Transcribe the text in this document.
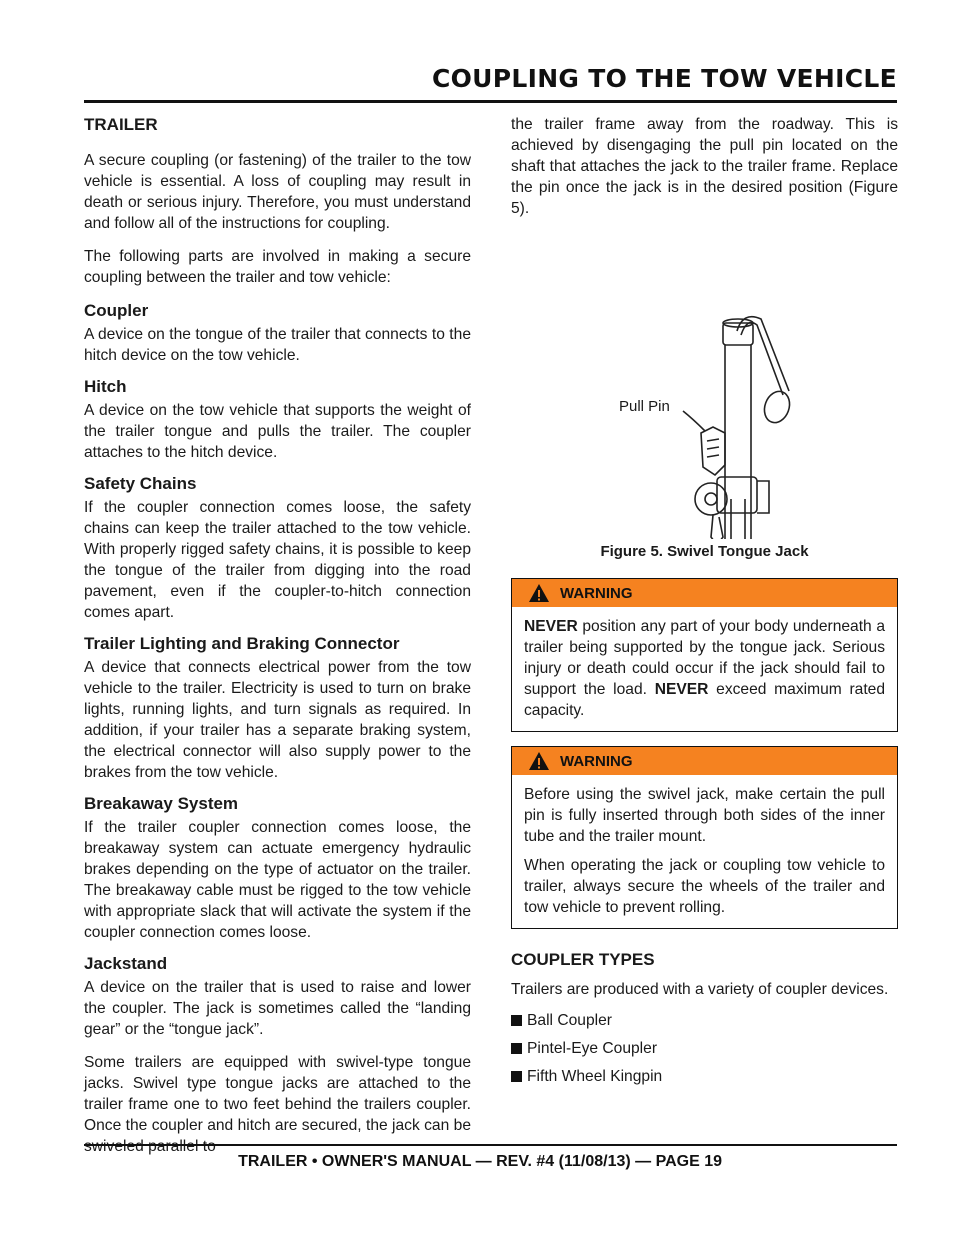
COUPLING TO THE TOW VEHICLE
TRAILER

A secure coupling (or fastening) of the trailer to the tow vehicle is essential. A loss of coupling may result in death or serious injury. Therefore, you must understand and follow all of the instructions for coupling.

The following parts are involved in making a secure coupling between the trailer and tow vehicle:

Coupler

A device on the tongue of the trailer that connects to the hitch device on the tow vehicle.

Hitch

A device on the tow vehicle that supports the weight of the trailer tongue and pulls the trailer. The coupler attaches to the hitch device.

Safety Chains

If the coupler connection comes loose, the safety chains can keep the trailer attached to the tow vehicle. With properly rigged safety chains, it is possible to keep the tongue of the trailer from digging into the road pavement, even if the coupler-to-hitch connection comes apart.

Trailer Lighting and Braking Connector

A device that connects electrical power from the tow vehicle to the trailer. Electricity is used to turn on brake lights, running lights, and turn signals as required. In addition, if your trailer has a separate braking system, the electrical connector will also supply power to the brakes from the tow vehicle.

Breakaway System

If the trailer coupler connection comes loose, the breakaway system can actuate emergency hydraulic brakes depending on the type of actuator on the trailer. The breakaway cable must be rigged to the tow vehicle with appropriate slack that will activate the system if the coupler connection comes loose.

Jackstand

A device on the trailer that is used to raise and lower the coupler. The jack is sometimes called the “landing gear” or the “tongue jack”.

Some trailers are equipped with swivel-type tongue jacks. Swivel type tongue jacks are attached to the trailer frame one to two feet behind the trailers coupler. Once the coupler and hitch are secured, the jack can be swiveled parallel to

the trailer frame away from the roadway. This is achieved by disengaging the pull pin located on the shaft that attaches the jack to the trailer frame. Replace the pin once the jack is in the desired position (Figure 5).

Pull Pin
Figure 5. Swivel Tongue Jack
WARNING

NEVER position any part of your body underneath a trailer being supported by the tongue jack. Serious injury or death could occur if the jack should fail to support the load. NEVER exceed maximum rated capacity.

WARNING

Before using the swivel jack, make certain the pull pin is fully inserted through both sides of the inner tube and the trailer mount.

When operating the jack or coupling tow vehicle to trailer, always secure the wheels of the trailer and tow vehicle to prevent rolling.

COUPLER TYPES

Trailers are produced with a variety of coupler devices.

Ball Coupler
Pintel-Eye Coupler
Fifth Wheel Kingpin
TRAILER • OWNER'S MANUAL — REV. #4 (11/08/13) — PAGE 19
